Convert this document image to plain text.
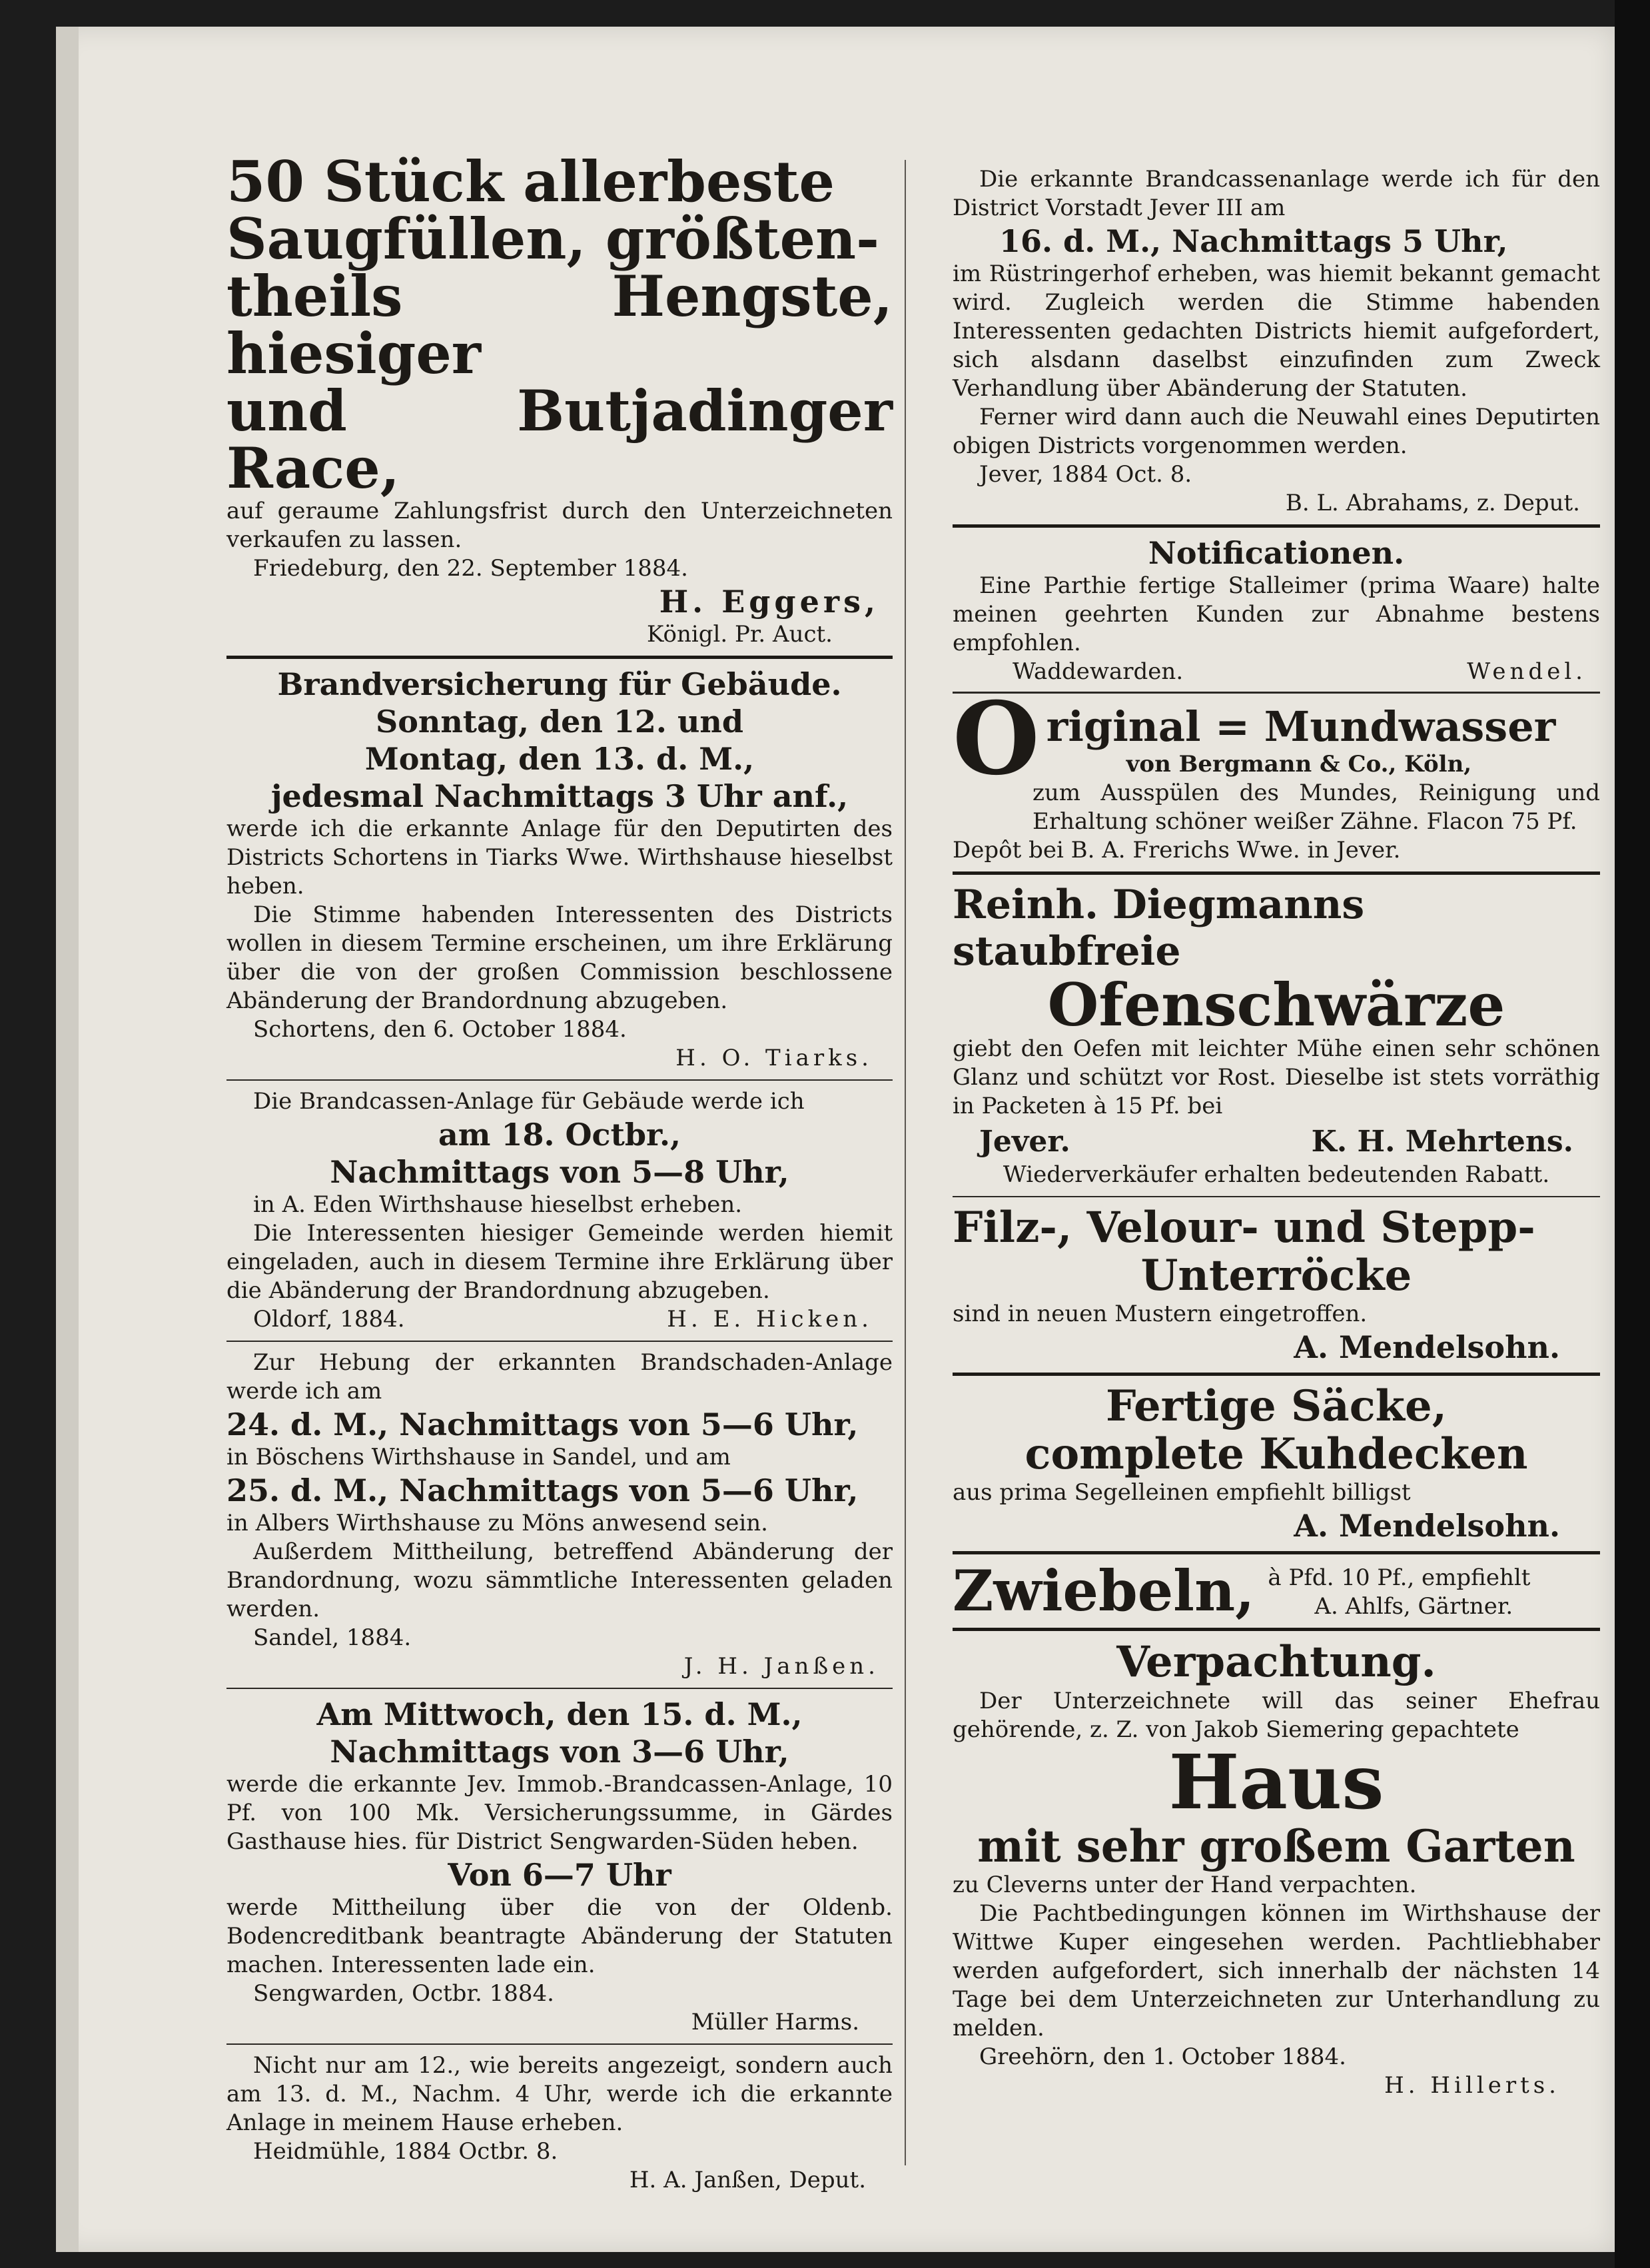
50 Stück allerbeste

Saugfüllen, größten-

theils Hengste, hiesiger

und Butjadinger Race,

auf geraume Zahlungsfrist durch den Unterzeichneten verkaufen zu lassen.

Friedeburg, den 22. September 1884.

H. Eggers,

Königl. Pr. Auct.

Brandversicherung für Gebäude.

Sonntag, den 12. und

Montag, den 13. d. M.,

jedesmal Nachmittags 3 Uhr anf.,

werde ich die erkannte Anlage für den Deputirten des Districts Schortens in Tiarks Wwe. Wirthshause hieselbst heben.

Die Stimme habenden Interessenten des Districts wollen in diesem Termine erscheinen, um ihre Erklärung über die von der großen Commission beschlossene Abänderung der Brandordnung abzugeben.

Schortens, den 6. October 1884.

H. O. Tiarks.

Die Brandcassen-Anlage für Gebäude werde ich

am 18. Octbr.,

Nachmittags von 5—8 Uhr,

in A. Eden Wirthshause hieselbst erheben.

Die Interessenten hiesiger Gemeinde werden hiemit eingeladen, auch in diesem Termine ihre Erklärung über die Abänderung der Brandordnung abzugeben.

Oldorf, 1884.	H. E. Hicken.

Zur Hebung der erkannten Brandschaden-Anlage werde ich am

24. d. M., Nachmittags von 5—6 Uhr,

in Böschens Wirthshause in Sandel, und am

25. d. M., Nachmittags von 5—6 Uhr,

in Albers Wirthshause zu Möns anwesend sein.

Außerdem Mittheilung, betreffend Abänderung der Brandordnung, wozu sämmtliche Interessenten geladen werden.

Sandel, 1884.

J. H. Janßen.

Am Mittwoch, den 15. d. M.,

Nachmittags von 3—6 Uhr,

werde die erkannte Jev. Immob.-Brandcassen-Anlage, 10 Pf. von 100 Mk. Versicherungssumme, in Gärdes Gasthause hies. für District Sengwarden-Süden heben.

Von 6—7 Uhr

werde Mittheilung über die von der Oldenb. Bodencreditbank beantragte Abänderung der Statuten machen. Interessenten lade ein.

Sengwarden, Octbr. 1884.

Müller Harms.

Nicht nur am 12., wie bereits angezeigt, sondern auch am 13. d. M., Nachm. 4 Uhr, werde ich die erkannte Anlage in meinem Hause erheben.

Heidmühle, 1884 Octbr. 8.

H. A. Janßen, Deput.

Die erkannte Brandcassenanlage werde ich für den District Vorstadt Jever III am

16. d. M., Nachmittags 5 Uhr,

im Rüstringerhof erheben, was hiemit bekannt gemacht wird. Zugleich werden die Stimme habenden Interessenten gedachten Districts hiemit aufgefordert, sich alsdann daselbst einzufinden zum Zweck Verhandlung über Abänderung der Statuten.

Ferner wird dann auch die Neuwahl eines Deputirten obigen Districts vorgenommen werden.

Jever, 1884 Oct. 8.

B. L. Abrahams, z. Deput.

Notificationen.

Eine Parthie fertige Stalleimer (prima Waare) halte meinen geehrten Kunden zur Abnahme bestens empfohlen.

Waddewarden.	Wendel.
O riginal = Mundwasser

von Bergmann & Co., Köln,

zum Ausspülen des Mundes, Reinigung und Erhaltung schöner weißer Zähne. Flacon 75 Pf.

Depôt bei B. A. Frerichs Wwe. in Jever.

Reinh. Diegmanns staubfreie

Ofenschwärze

giebt den Oefen mit leichter Mühe einen sehr schönen Glanz und schützt vor Rost. Dieselbe ist stets vorräthig in Packeten à 15 Pf. bei

Jever.	K. H. Mehrtens.

Wiederverkäufer erhalten bedeutenden Rabatt.

Filz-, Velour- und Stepp-

Unterröcke

sind in neuen Mustern eingetroffen.

A. Mendelsohn.

Fertige Säcke,

complete Kuhdecken

aus prima Segelleinen empfiehlt billigst

A. Mendelsohn.

Zwiebeln, à Pfd. 10 Pf., empfiehlt

A. Ahlfs, Gärtner.

Verpachtung.

Der Unterzeichnete will das seiner Ehefrau gehörende, z. Z. von Jakob Siemering gepachtete

Haus

mit sehr großem Garten

zu Cleverns unter der Hand verpachten.

Die Pachtbedingungen können im Wirthshause der Wittwe Kuper eingesehen werden. Pachtliebhaber werden aufgefordert, sich innerhalb der nächsten 14 Tage bei dem Unterzeichneten zur Unterhandlung zu melden.

Greehörn, den 1. October 1884.

H. Hillerts.
